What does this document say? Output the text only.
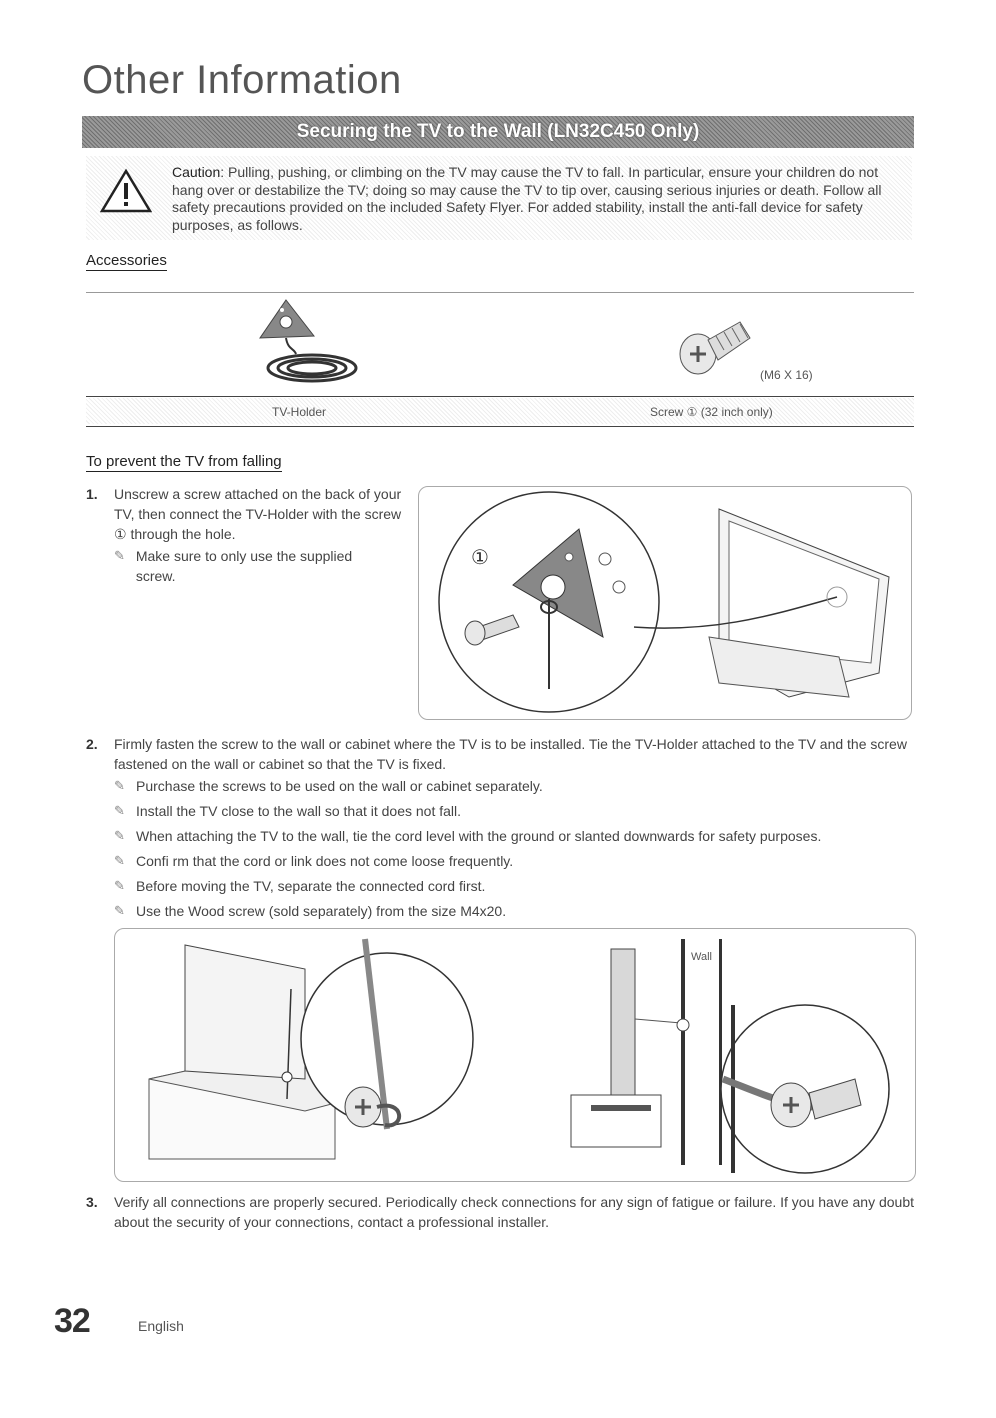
Other Information
Securing the TV to the Wall (LN32C450 Only)
Caution: Pulling, pushing, or climbing on the TV may cause the TV to fall. In particular, ensure your children do not hang over or destabilize the TV; doing so may cause the TV to tip over, causing serious injuries or death. Follow all safety precautions provided on the included Safety Flyer. For added stability, install the anti-fall device for safety purposes, as follows.
Accessories
(M6 X 16)
TV-Holder	Screw ① (32 inch only)
To prevent the TV from falling
1. Unscrew a screw attached on the back of your TV, then connect the TV-Holder with the screw ① through the hole.
✎ Make sure to only use the supplied screw.
①
2. Firmly fasten the screw to the wall or cabinet where the TV is to be installed. Tie the TV-Holder attached to the TV and the screw fastened on the wall or cabinet so that the TV is fixed.
✎ Purchase the screws to be used on the wall or cabinet separately.
✎ Install the TV close to the wall so that it does not fall.
✎ When attaching the TV to the wall, tie the cord level with the ground or slanted downwards for safety purposes.
✎ Confi rm that the cord or link does not come loose frequently.
✎ Before moving the TV, separate the connected cord first.
✎ Use the Wood screw (sold separately) from the size M4x20.
Wall
3. Verify all connections are properly secured. Periodically check connections for any sign of fatigue or failure. If you have any doubt about the security of your connections, contact a professional installer.
32	English
